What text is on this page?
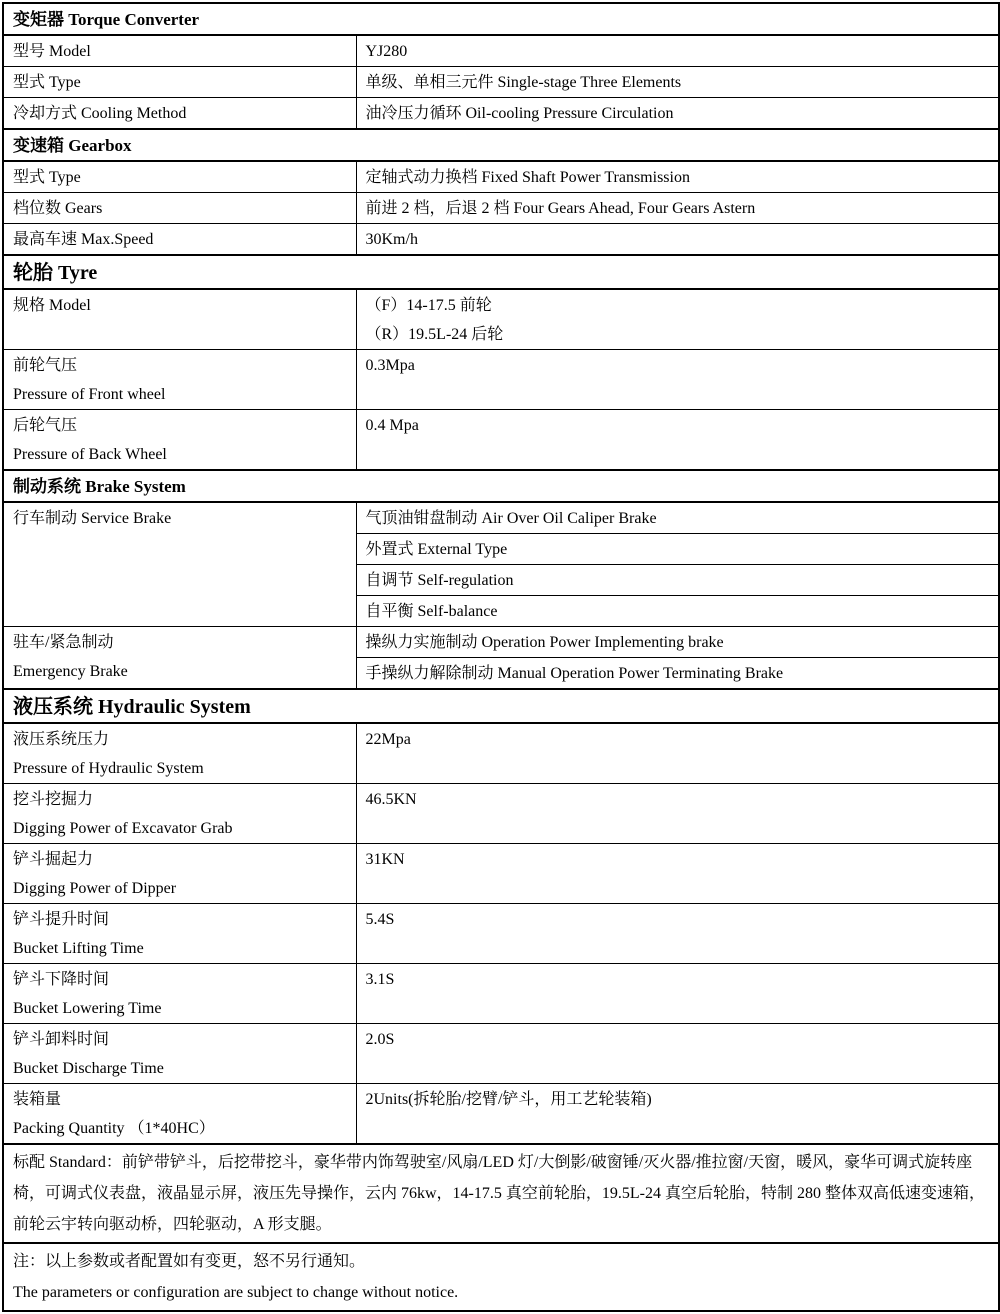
变矩器 Torque Converter	

型号 Model	YJ280

型式 Type	单级、单相三元件 Single-stage Three Elements

冷却方式 Cooling Method	油冷压力循环 Oil-cooling Pressure Circulation

变速箱 Gearbox	

型式 Type	定轴式动力换档 Fixed Shaft Power Transmission

档位数 Gears	前进 2 档，后退 2 档 Four Gears Ahead, Four Gears Astern

最高车速 Max.Speed	30Km/h

轮胎 Tyre	

规格 Model	（F）14-17.5 前轮
（R）19.5L-24 后轮

前轮气压
Pressure of Front wheel	0.3Mpa

后轮气压
Pressure of Back Wheel	0.4 Mpa

制动系统 Brake System	

行车制动 Service Brake	气顶油钳盘制动 Air Over Oil Caliper Brake

	外置式 External Type

	自调节 Self-regulation

	自平衡 Self-balance

驻车/紧急制动
Emergency Brake	操纵力实施制动 Operation Power Implementing brake

	手操纵力解除制动 Manual Operation Power Terminating Brake

液压系统 Hydraulic System	

液压系统压力
Pressure of Hydraulic System	22Mpa

挖斗挖掘力
Digging Power of Excavator Grab	46.5KN

铲斗掘起力
Digging Power of Dipper	31KN

铲斗提升时间
Bucket Lifting Time	5.4S

铲斗下降时间
Bucket Lowering Time	3.1S

铲斗卸料时间
Bucket Discharge Time	2.0S

装箱量
Packing Quantity （1*40HC）	2Units(拆轮胎/挖臂/铲斗，用工艺轮装箱)

标配 Standard：前铲带铲斗，后挖带挖斗，豪华带内饰驾驶室/风扇/LED 灯/大倒影/破窗锤/灭火器/推拉窗/天窗，暖风，豪华可调式旋转座椅，可调式仪表盘，液晶显示屏，液压先导操作，云内 76kw，14-17.5 真空前轮胎，19.5L-24 真空后轮胎，特制 280 整体双高低速变速箱，前轮云宇转向驱动桥，四轮驱动，A 形支腿。	

注：以上参数或者配置如有变更，怒不另行通知。
The parameters or configuration are subject to change without notice.	
